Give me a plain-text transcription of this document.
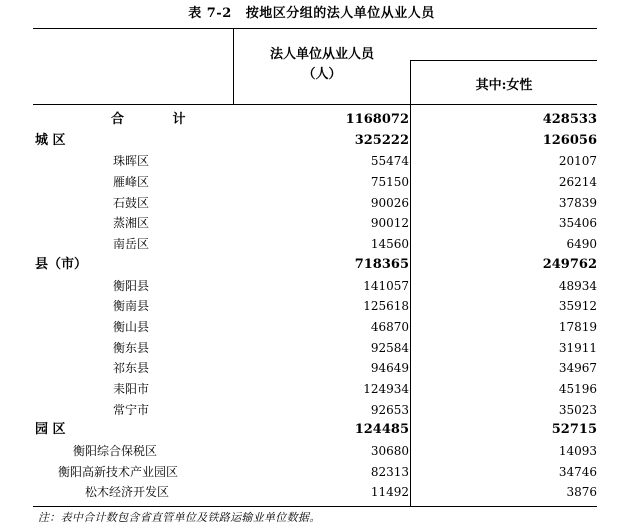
表 7-2 按地区分组的法人单位从业人员
法人单位从业人员
（人）
其中:女性
合 计	1168072	428533
城 区	325222	126056
珠晖区	55474	20107
雁峰区	75150	26214
石鼓区	90026	37839
蒸湘区	90012	35406
南岳区	14560	6490
县（市）	718365	249762
衡阳县	141057	48934
衡南县	125618	35912
衡山县	46870	17819
衡东县	92584	31911
祁东县	94649	34967
耒阳市	124934	45196
常宁市	92653	35023
园 区	124485	52715
衡阳综合保税区	30680	14093
衡阳高新技术产业园区	82313	34746
松木经济开发区	11492	3876
注：表中合计数包含省直管单位及铁路运输业单位数据。
